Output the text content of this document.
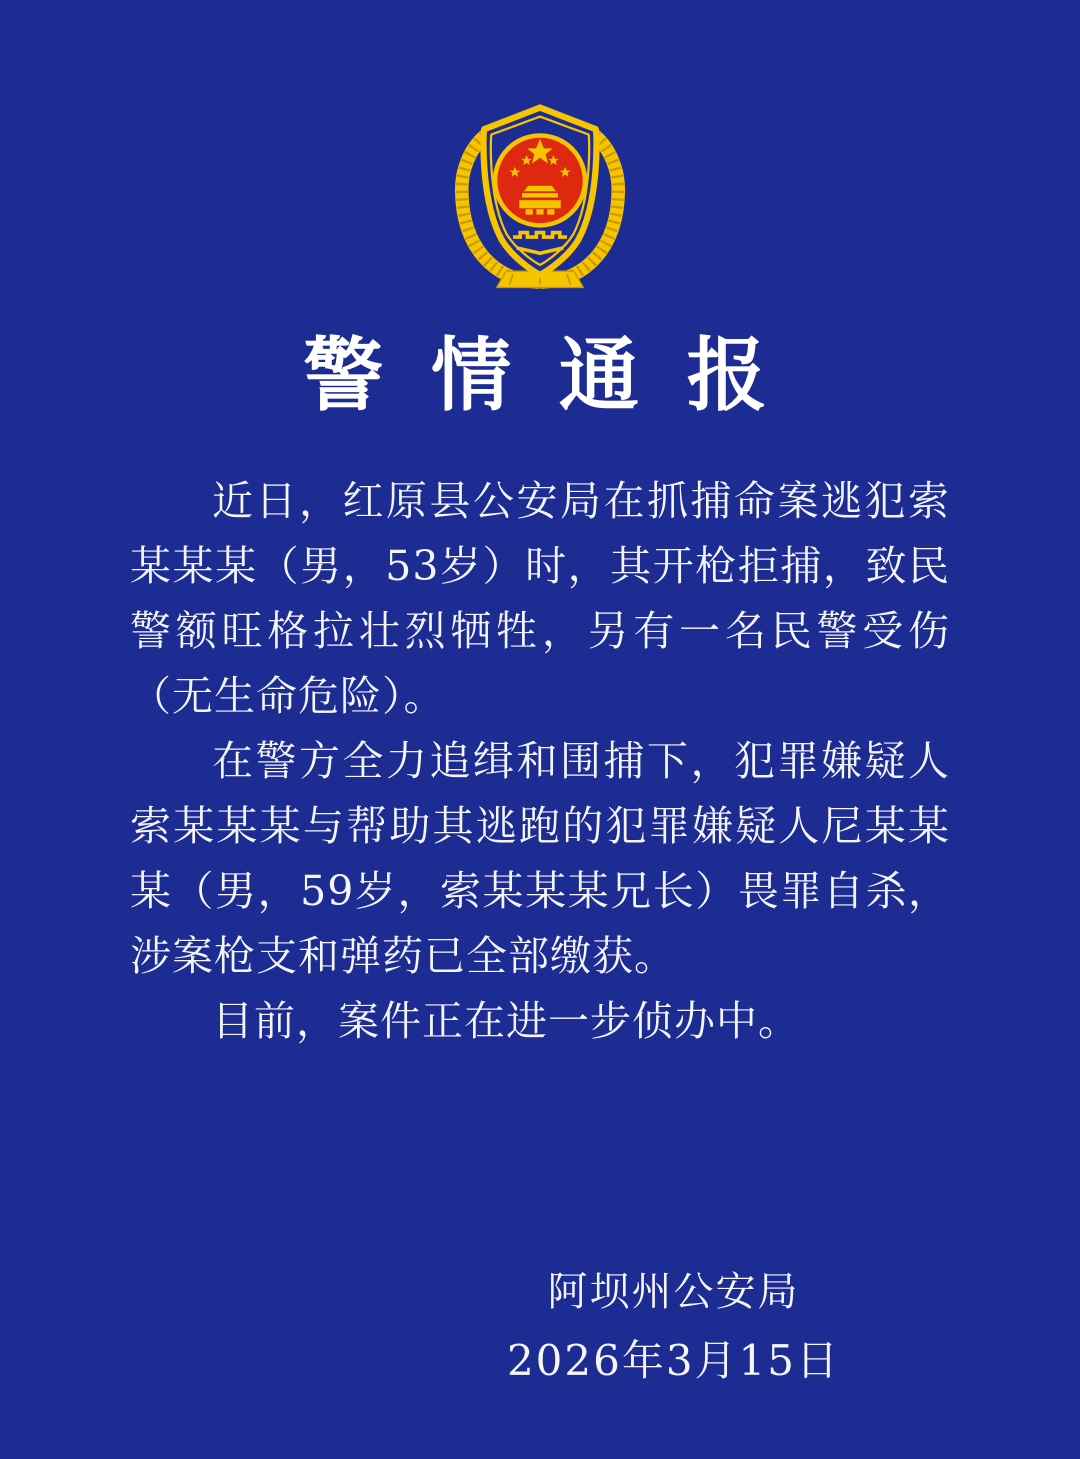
警 情 通 报

近日，红原县公安局在抓捕命案逃犯索某某某（男，53岁）时，其开枪拒捕，致民警额旺格拉壮烈牺牲，另有一名民警受伤（无生命危险）。

在警方全力追缉和围捕下，犯罪嫌疑人索某某某与帮助其逃跑的犯罪嫌疑人尼某某某（男，59岁，索某某某兄长）畏罪自杀，涉案枪支和弹药已全部缴获。

目前，案件正在进一步侦办中。

阿坝州公安局
2026年3月15日
